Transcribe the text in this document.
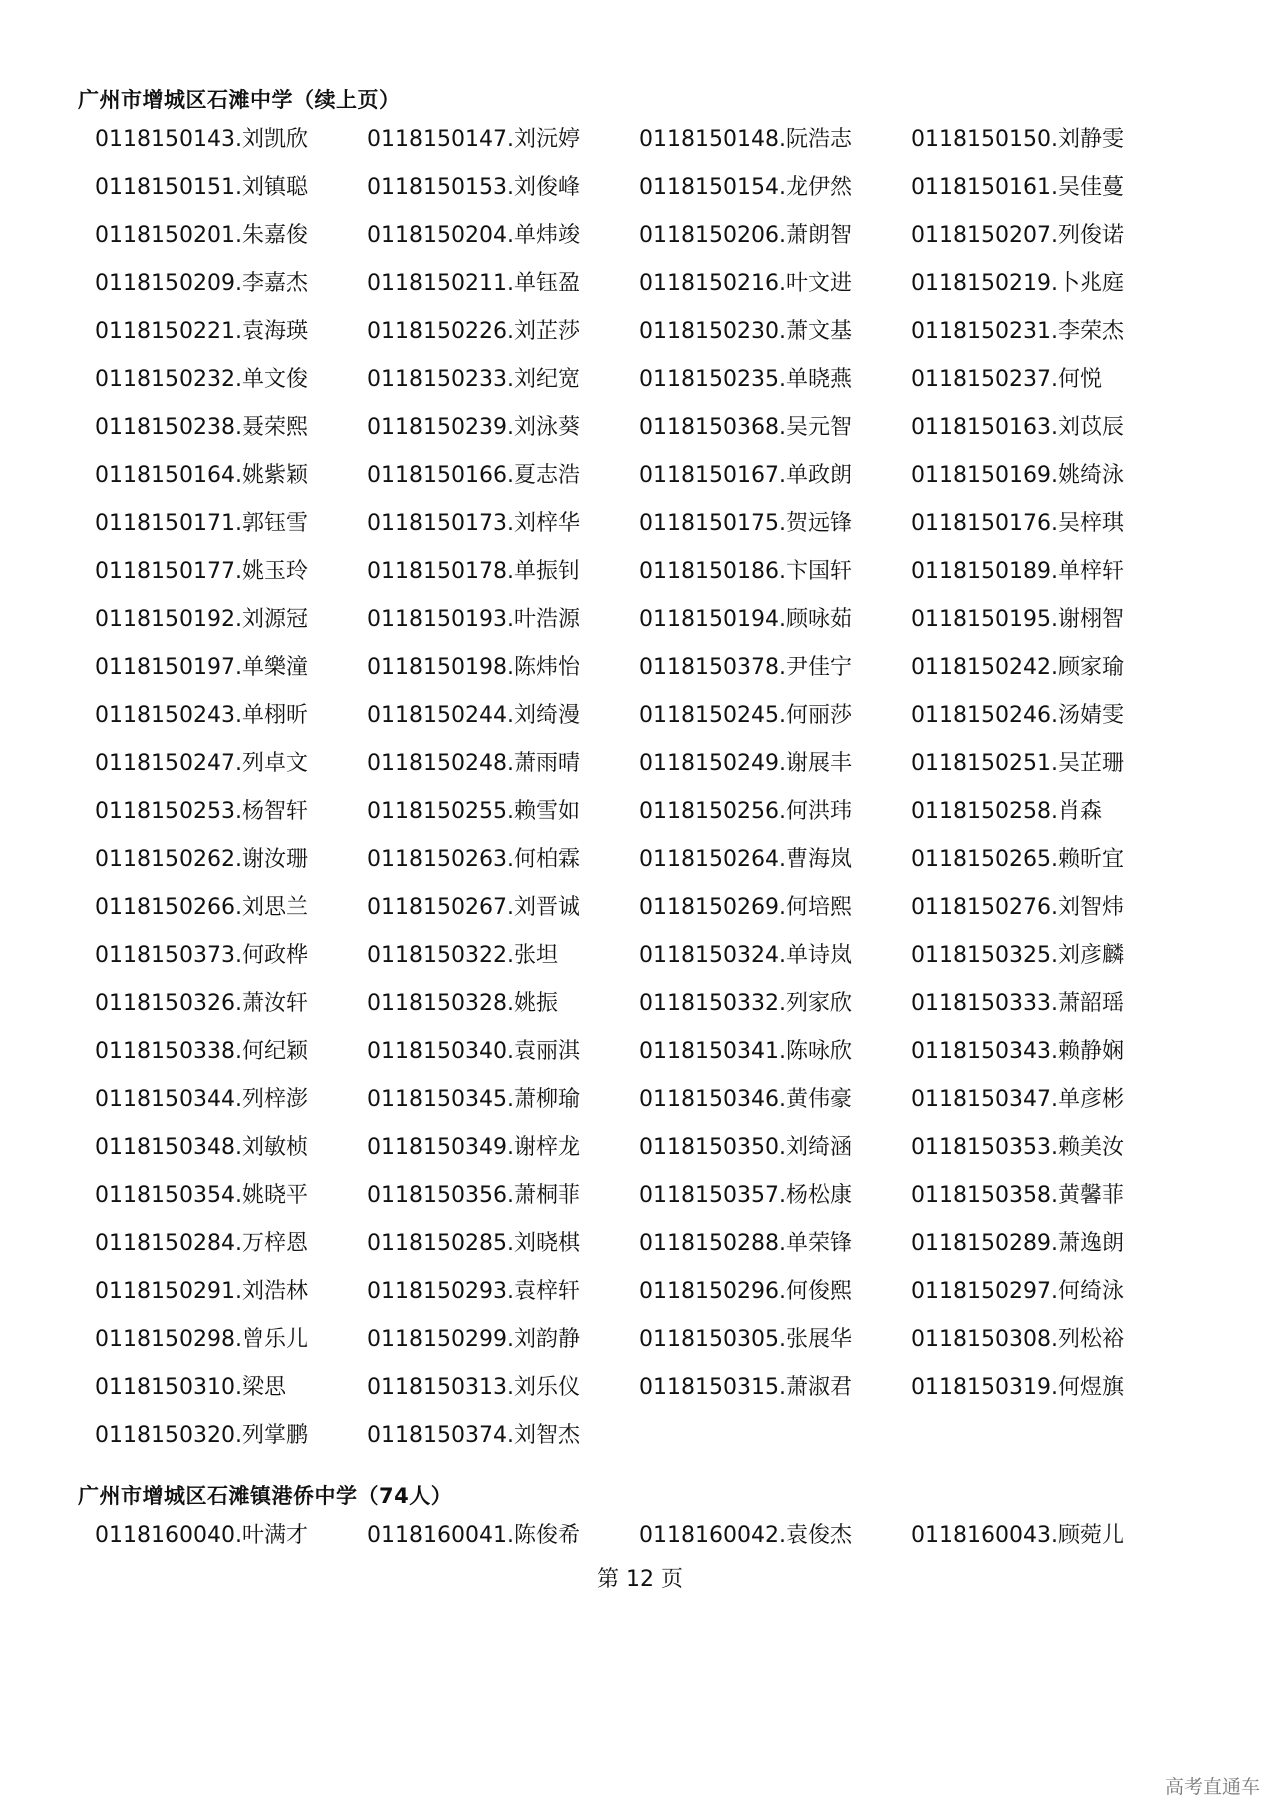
广州市增城区石滩中学（续上页）
0118150143.刘凯欣	0118150147.刘沅婷	0118150148.阮浩志	0118150150.刘静雯
0118150151.刘镇聪	0118150153.刘俊峰	0118150154.龙伊然	0118150161.吴佳蔓
0118150201.朱嘉俊	0118150204.单炜竣	0118150206.萧朗智	0118150207.列俊诺
0118150209.李嘉杰	0118150211.单钰盈	0118150216.叶文进	0118150219.卜兆庭
0118150221.袁海瑛	0118150226.刘芷莎	0118150230.萧文基	0118150231.李荣杰
0118150232.单文俊	0118150233.刘纪宽	0118150235.单晓燕	0118150237.何悦
0118150238.聂荣熙	0118150239.刘泳葵	0118150368.吴元智	0118150163.刘苡辰
0118150164.姚紫颖	0118150166.夏志浩	0118150167.单政朗	0118150169.姚绮泳
0118150171.郭钰雪	0118150173.刘梓华	0118150175.贺远锋	0118150176.吴梓琪
0118150177.姚玉玲	0118150178.单振钊	0118150186.卞国轩	0118150189.单梓轩
0118150192.刘源冠	0118150193.叶浩源	0118150194.顾咏茹	0118150195.谢栩智
0118150197.单樂潼	0118150198.陈炜怡	0118150378.尹佳宁	0118150242.顾家瑜
0118150243.单栩昕	0118150244.刘绮漫	0118150245.何丽莎	0118150246.汤婧雯
0118150247.列卓文	0118150248.萧雨晴	0118150249.谢展丰	0118150251.吴芷珊
0118150253.杨智轩	0118150255.赖雪如	0118150256.何洪玮	0118150258.肖森
0118150262.谢汝珊	0118150263.何柏霖	0118150264.曹海岚	0118150265.赖昕宜
0118150266.刘思兰	0118150267.刘晋诚	0118150269.何培熙	0118150276.刘智炜
0118150373.何政桦	0118150322.张坦	0118150324.单诗岚	0118150325.刘彦麟
0118150326.萧汝轩	0118150328.姚振	0118150332.列家欣	0118150333.萧韶瑶
0118150338.何纪颖	0118150340.袁丽淇	0118150341.陈咏欣	0118150343.赖静娴
0118150344.列梓澎	0118150345.萧柳瑜	0118150346.黄伟豪	0118150347.单彦彬
0118150348.刘敏桢	0118150349.谢梓龙	0118150350.刘绮涵	0118150353.赖美汝
0118150354.姚晓平	0118150356.萧桐菲	0118150357.杨松康	0118150358.黄馨菲
0118150284.万梓恩	0118150285.刘晓棋	0118150288.单荣锋	0118150289.萧逸朗
0118150291.刘浩林	0118150293.袁梓轩	0118150296.何俊熙	0118150297.何绮泳
0118150298.曾乐儿	0118150299.刘韵静	0118150305.张展华	0118150308.列松裕
0118150310.梁思	0118150313.刘乐仪	0118150315.萧淑君	0118150319.何煜旗
0118150320.列掌鹏	0118150374.刘智杰
广州市增城区石滩镇港侨中学（74人）
0118160040.叶满才	0118160041.陈俊希	0118160042.袁俊杰	0118160043.顾菀儿
第 12 页
高考直通车
